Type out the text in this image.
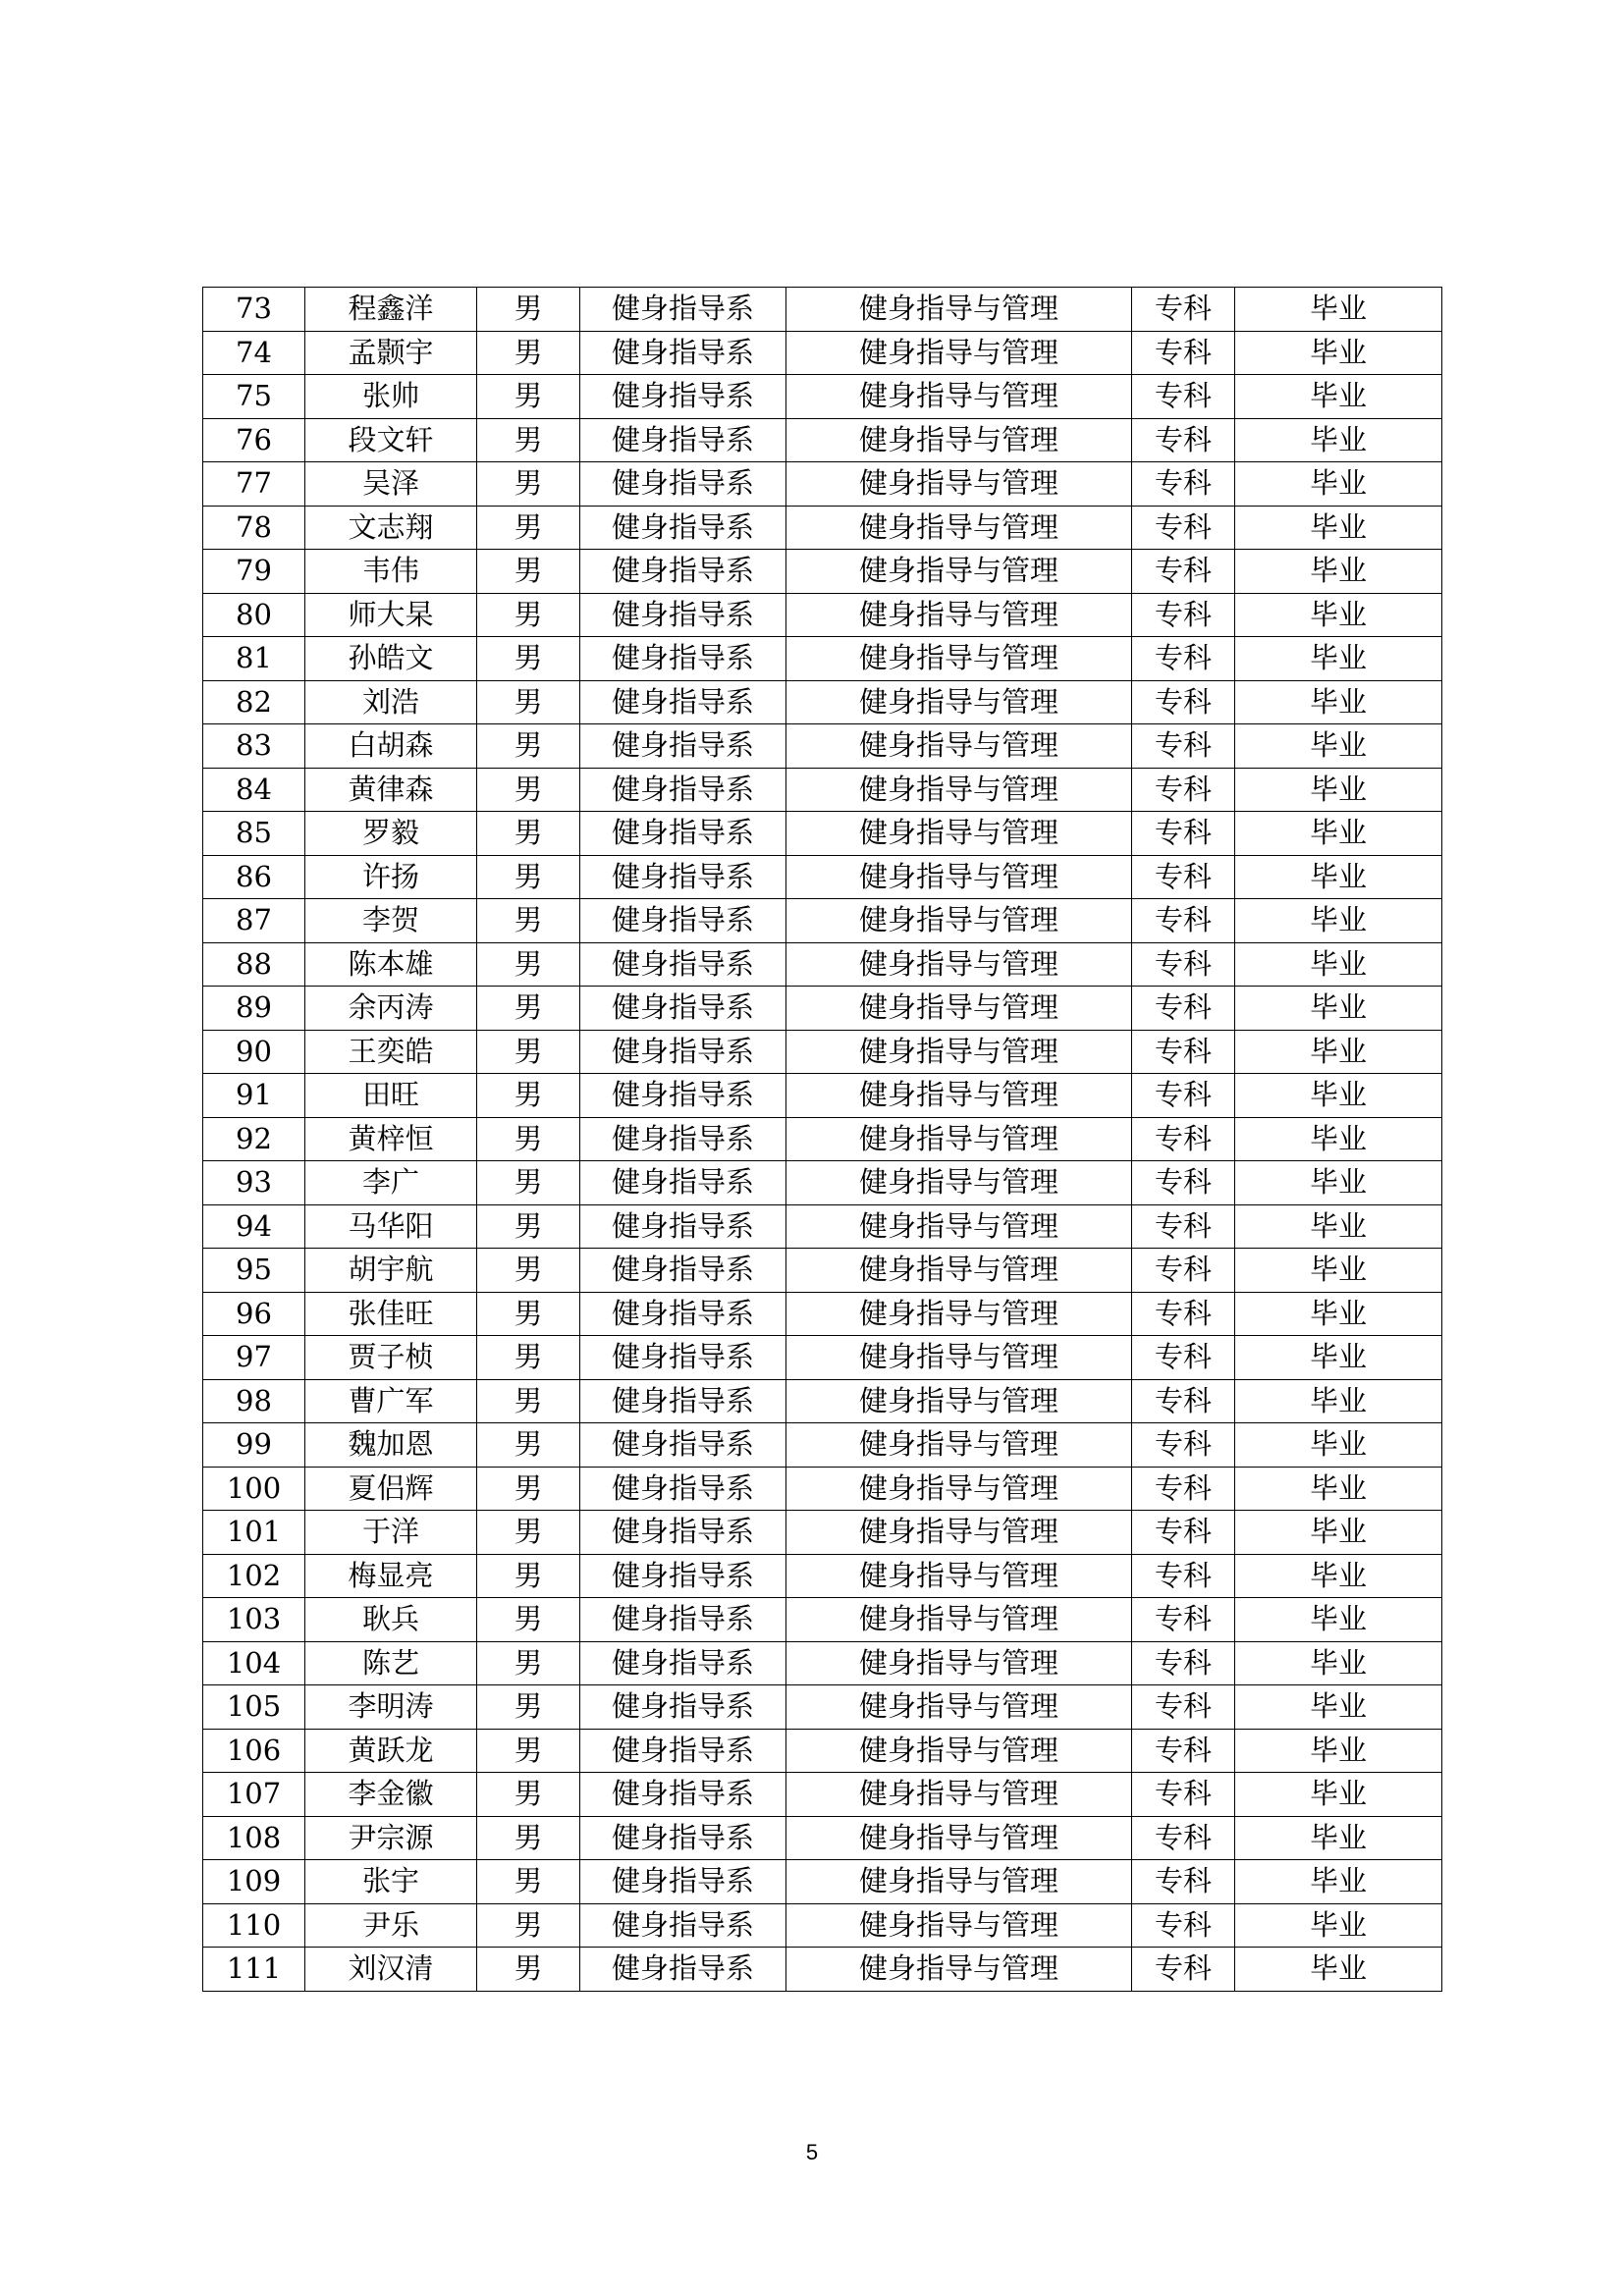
73	程鑫洋	男	健身指导系	健身指导与管理	专科	毕业
74	孟颢宇	男	健身指导系	健身指导与管理	专科	毕业
75	张帅	男	健身指导系	健身指导与管理	专科	毕业
76	段文轩	男	健身指导系	健身指导与管理	专科	毕业
77	吴泽	男	健身指导系	健身指导与管理	专科	毕业
78	文志翔	男	健身指导系	健身指导与管理	专科	毕业
79	韦伟	男	健身指导系	健身指导与管理	专科	毕业
80	师大杲	男	健身指导系	健身指导与管理	专科	毕业
81	孙皓文	男	健身指导系	健身指导与管理	专科	毕业
82	刘浩	男	健身指导系	健身指导与管理	专科	毕业
83	白胡森	男	健身指导系	健身指导与管理	专科	毕业
84	黄律森	男	健身指导系	健身指导与管理	专科	毕业
85	罗毅	男	健身指导系	健身指导与管理	专科	毕业
86	许扬	男	健身指导系	健身指导与管理	专科	毕业
87	李贺	男	健身指导系	健身指导与管理	专科	毕业
88	陈本雄	男	健身指导系	健身指导与管理	专科	毕业
89	余丙涛	男	健身指导系	健身指导与管理	专科	毕业
90	王奕皓	男	健身指导系	健身指导与管理	专科	毕业
91	田旺	男	健身指导系	健身指导与管理	专科	毕业
92	黄梓恒	男	健身指导系	健身指导与管理	专科	毕业
93	李广	男	健身指导系	健身指导与管理	专科	毕业
94	马华阳	男	健身指导系	健身指导与管理	专科	毕业
95	胡宇航	男	健身指导系	健身指导与管理	专科	毕业
96	张佳旺	男	健身指导系	健身指导与管理	专科	毕业
97	贾子桢	男	健身指导系	健身指导与管理	专科	毕业
98	曹广军	男	健身指导系	健身指导与管理	专科	毕业
99	魏加恩	男	健身指导系	健身指导与管理	专科	毕业
100	夏侣辉	男	健身指导系	健身指导与管理	专科	毕业
101	于洋	男	健身指导系	健身指导与管理	专科	毕业
102	梅显亮	男	健身指导系	健身指导与管理	专科	毕业
103	耿兵	男	健身指导系	健身指导与管理	专科	毕业
104	陈艺	男	健身指导系	健身指导与管理	专科	毕业
105	李明涛	男	健身指导系	健身指导与管理	专科	毕业
106	黄跃龙	男	健身指导系	健身指导与管理	专科	毕业
107	李金徽	男	健身指导系	健身指导与管理	专科	毕业
108	尹宗源	男	健身指导系	健身指导与管理	专科	毕业
109	张宇	男	健身指导系	健身指导与管理	专科	毕业
110	尹乐	男	健身指导系	健身指导与管理	专科	毕业
111	刘汉清	男	健身指导系	健身指导与管理	专科	毕业
5
